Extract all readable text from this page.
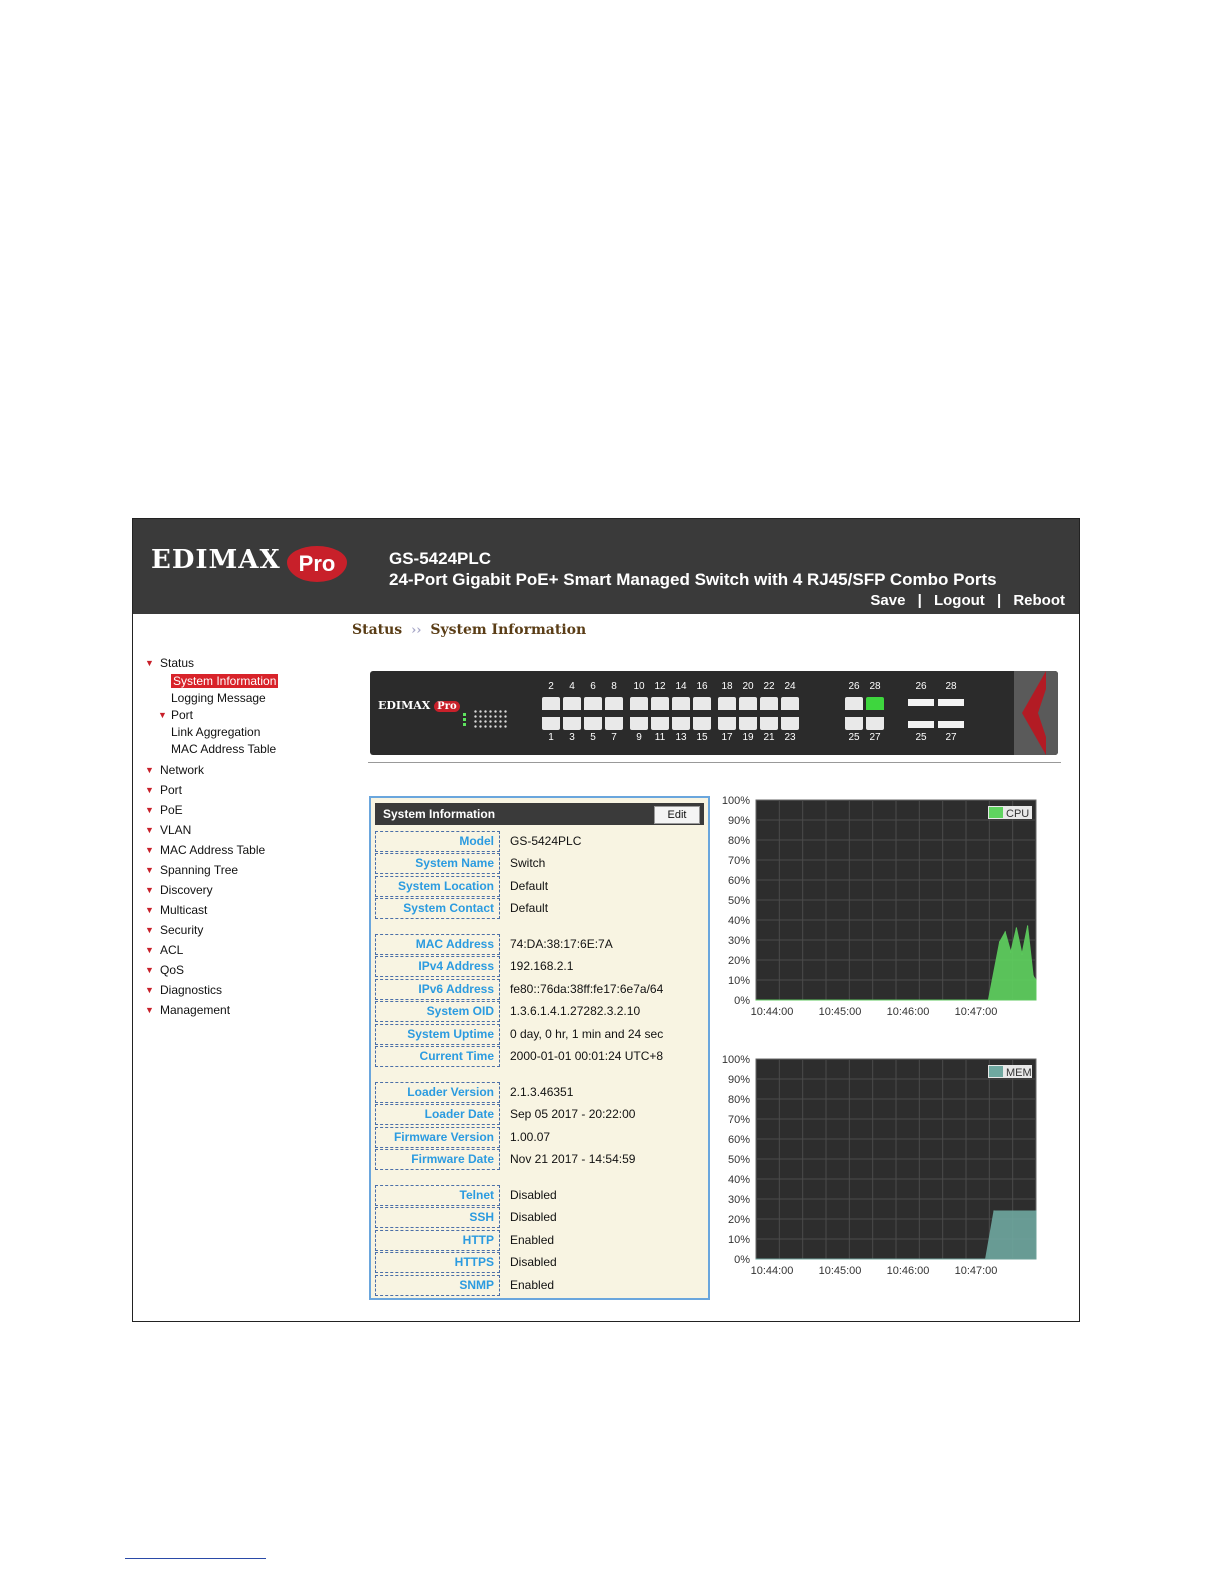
EDIMAX Pro	GS-5424PLC
24-Port Gigabit PoE+ Smart Managed Switch with 4 RJ45/SFP Combo Ports
Save | Logout | Reboot
Status ›› System Information
▼ Status
System Information
Logging Message
▼ Port
Link Aggregation
MAC Address Table
▼ Network
▼ Port
▼ PoE
▼ VLAN
▼ MAC Address Table
▼ Spanning Tree
▼ Discovery
▼ Multicast
▼ Security
▼ ACL
▼ QoS
▼ Diagnostics
▼ Management
EDIMAX Pro
2
1
4
3
6
5
8
7
10
9
12
11
14
13
16
15
18
17
20
19
22
21
24
23
26
25
28
27
26
25
28
27
System Information	Edit
Model	GS-5424PLC
System Name	Switch
System Location	Default
System Contact	Default
MAC Address	74:DA:38:17:6E:7A
IPv4 Address	192.168.2.1
IPv6 Address	fe80::76da:38ff:fe17:6e7a/64
System OID	1.3.6.1.4.1.27282.3.2.10
System Uptime	0 day, 0 hr, 1 min and 24 sec
Current Time	2000-01-01 00:01:24 UTC+8
Loader Version	2.1.3.46351
Loader Date	Sep 05 2017 - 20:22:00
Firmware Version	1.00.07
Firmware Date	Nov 21 2017 - 14:54:59
Telnet	Disabled
SSH	Disabled
HTTP	Enabled
HTTPS	Disabled
SNMP	Enabled
100%
90%
80%
70%
60%
50%
40%
30%
20%
10%
0%
10:44:00 10:45:00 10:46:00 10:47:00
CPU
100%
90%
80%
70%
60%
50%
40%
30%
20%
10%
0%
10:44:00 10:45:00 10:46:00 10:47:00
MEM
